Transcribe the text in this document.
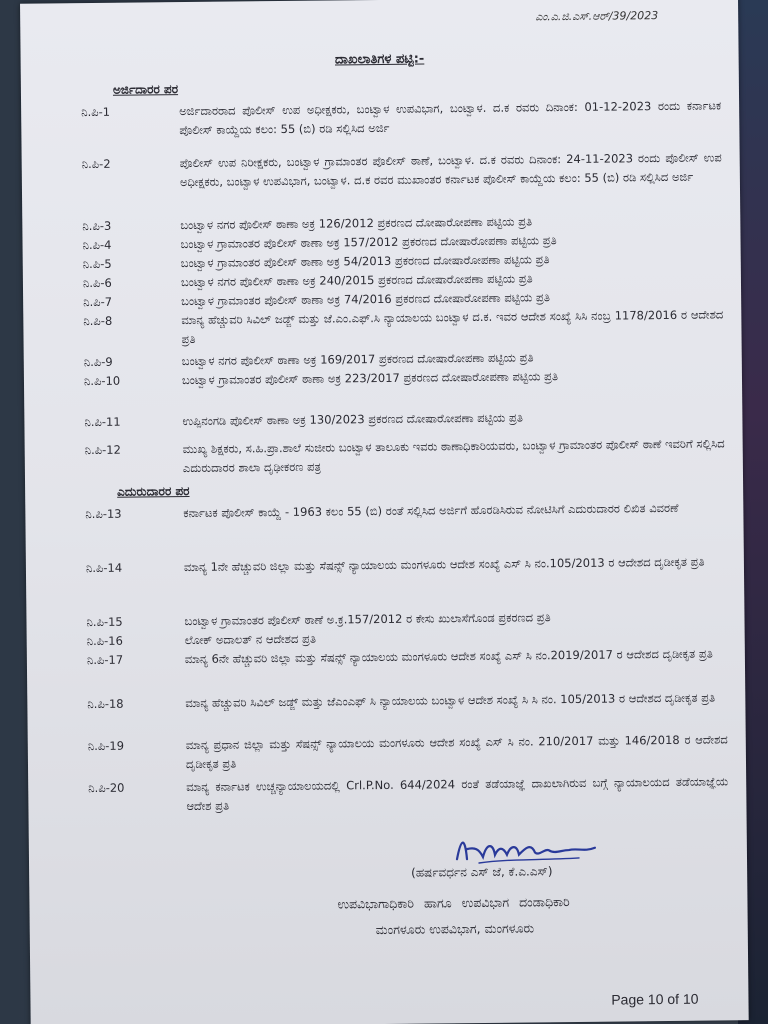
ಎಂ.ಎ.ಜಿ.ಎಸ್.ಆರ್/39/2023
ದಾಖಲಾತಿಗಳ ಪಟ್ಟಿ:-
ಅರ್ಜಿದಾರರ ಪರ
ನಿ.ಪಿ-1	ಅರ್ಜಿದಾರರಾದ ಪೊಲೀಸ್ ಉಪ ಅಧೀಕ್ಷಕರು, ಬಂಟ್ವಾಳ ಉಪವಿಭಾಗ, ಬಂಟ್ವಾಳ. ದ.ಕ ರವರು ದಿನಾಂಕ: 01-12-2023 ರಂದು ಕರ್ನಾಟಕ ಪೊಲೀಸ್ ಕಾಯ್ದೆಯ ಕಲಂ: 55 (ಬಿ) ರಡಿ ಸಲ್ಲಿಸಿದ ಅರ್ಜಿ
ನಿ.ಪಿ-2	ಪೊಲೀಸ್ ಉಪ ನಿರೀಕ್ಷಕರು, ಬಂಟ್ವಾಳ ಗ್ರಾಮಾಂತರ ಪೊಲೀಸ್ ಠಾಣೆ, ಬಂಟ್ವಾಳ. ದ.ಕ ರವರು ದಿನಾಂಕ: 24-11-2023 ರಂದು ಪೊಲೀಸ್ ಉಪ ಅಧೀಕ್ಷಕರು, ಬಂಟ್ವಾಳ ಉಪವಿಭಾಗ, ಬಂಟ್ವಾಳ. ದ.ಕ ರವರ ಮುಖಾಂತರ ಕರ್ನಾಟಕ ಪೊಲೀಸ್ ಕಾಯ್ದೆಯ ಕಲಂ: 55 (ಬಿ) ರಡಿ ಸಲ್ಲಿಸಿದ ಅರ್ಜಿ
ನಿ.ಪಿ-3	ಬಂಟ್ವಾಳ ನಗರ ಪೊಲೀಸ್ ಠಾಣಾ ಅಕ್ರ 126/2012 ಪ್ರಕರಣದ ದೋಷಾರೋಪಣಾ ಪಟ್ಟಿಯ ಪ್ರತಿ
ನಿ.ಪಿ-4	ಬಂಟ್ವಾಳ ಗ್ರಾಮಾಂತರ ಪೊಲೀಸ್ ಠಾಣಾ ಅಕ್ರ 157/2012 ಪ್ರಕರಣದ ದೋಷಾರೋಪಣಾ ಪಟ್ಟಿಯ ಪ್ರತಿ
ನಿ.ಪಿ-5	ಬಂಟ್ವಾಳ ಗ್ರಾಮಾಂತರ ಪೊಲೀಸ್ ಠಾಣಾ ಅಕ್ರ 54/2013 ಪ್ರಕರಣದ ದೋಷಾರೋಪಣಾ ಪಟ್ಟಿಯ ಪ್ರತಿ
ನಿ.ಪಿ-6	ಬಂಟ್ವಾಳ ನಗರ ಪೊಲೀಸ್ ಠಾಣಾ ಅಕ್ರ 240/2015 ಪ್ರಕರಣದ ದೋಷಾರೋಪಣಾ ಪಟ್ಟಿಯ ಪ್ರತಿ
ನಿ.ಪಿ-7	ಬಂಟ್ವಾಳ ಗ್ರಾಮಾಂತರ ಪೊಲೀಸ್ ಠಾಣಾ ಅಕ್ರ 74/2016 ಪ್ರಕರಣದ ದೋಷಾರೋಪಣಾ ಪಟ್ಟಿಯ ಪ್ರತಿ
ನಿ.ಪಿ-8	ಮಾನ್ಯ ಹೆಚ್ಚುವರಿ ಸಿವಿಲ್ ಜಡ್ಜ್ ಮತ್ತು ಜೆ.ಎಂ.ಎಫ್.ಸಿ ನ್ಯಾಯಾಲಯ ಬಂಟ್ವಾಳ ದ.ಕ. ಇವರ ಆದೇಶ ಸಂಖ್ಯೆ ಸಿಸಿ ನಂಬ್ರ 1178/2016 ರ ಆದೇಶದ ಪ್ರತಿ
ನಿ.ಪಿ-9	ಬಂಟ್ವಾಳ ನಗರ ಪೊಲೀಸ್ ಠಾಣಾ ಅಕ್ರ 169/2017 ಪ್ರಕರಣದ ದೋಷಾರೋಪಣಾ ಪಟ್ಟಿಯ ಪ್ರತಿ
ನಿ.ಪಿ-10	ಬಂಟ್ವಾಳ ಗ್ರಾಮಾಂತರ ಪೊಲೀಸ್ ಠಾಣಾ ಅಕ್ರ 223/2017 ಪ್ರಕರಣದ ದೋಷಾರೋಪಣಾ ಪಟ್ಟಿಯ ಪ್ರತಿ
ನಿ.ಪಿ-11	ಉಪ್ಪಿನಂಗಡಿ ಪೊಲೀಸ್ ಠಾಣಾ ಅಕ್ರ 130/2023 ಪ್ರಕರಣದ ದೋಷಾರೋಪಣಾ ಪಟ್ಟಿಯ ಪ್ರತಿ
ನಿ.ಪಿ-12	ಮುಖ್ಯ ಶಿಕ್ಷಕರು, ಸ.ಹಿ.ಪ್ರಾ.ಶಾಲೆ ಸುಜೀರು ಬಂಟ್ವಾಳ ತಾಲೂಕು ಇವರು ಠಾಣಾಧಿಕಾರಿಯವರು, ಬಂಟ್ವಾಳ ಗ್ರಾಮಾಂತರ ಪೊಲೀಸ್ ಠಾಣೆ ಇವರಿಗೆ ಸಲ್ಲಿಸಿದ ಎದುರುದಾರರ ಶಾಲಾ ದೃಢೀಕರಣ ಪತ್ರ
ಎದುರುದಾರರ ಪರ
ನಿ.ಪಿ-13	ಕರ್ನಾಟಕ ಪೊಲೀಸ್ ಕಾಯ್ದೆ - 1963 ಕಲಂ 55 (ಬಿ) ರಂತೆ ಸಲ್ಲಿಸಿದ ಅರ್ಜಿಗೆ ಹೊರಡಿಸಿರುವ ನೋಟಿಸಿಗೆ ಎದುರುದಾರರ ಲಿಖಿತ ವಿವರಣೆ
ನಿ.ಪಿ-14	ಮಾನ್ಯ 1ನೇ ಹೆಚ್ಚುವರಿ ಜಿಲ್ಲಾ ಮತ್ತು ಸೆಷನ್ಸ್ ನ್ಯಾಯಾಲಯ ಮಂಗಳೂರು ಆದೇಶ ಸಂಖ್ಯೆ ಎಸ್ ಸಿ ನಂ.105/2013 ರ ಆದೇಶದ ದೃಡೀಕೃತ ಪ್ರತಿ
ನಿ.ಪಿ-15	ಬಂಟ್ವಾಳ ಗ್ರಾಮಾಂತರ ಪೊಲೀಸ್ ಠಾಣೆ ಅ.ಕ್ರ.157/2012 ರ ಕೇಸು ಖುಲಾಸೆಗೊಂಡ ಪ್ರಕರಣದ ಪ್ರತಿ
ನಿ.ಪಿ-16	ಲೋಕ್ ಅದಾಲತ್ ನ ಆದೇಶದ ಪ್ರತಿ
ನಿ.ಪಿ-17	ಮಾನ್ಯ 6ನೇ ಹೆಚ್ಚುವರಿ ಜಿಲ್ಲಾ ಮತ್ತು ಸೆಷನ್ಸ್ ನ್ಯಾಯಾಲಯ ಮಂಗಳೂರು ಆದೇಶ ಸಂಖ್ಯೆ ಎಸ್ ಸಿ ನಂ.2019/2017 ರ ಆದೇಶದ ದೃಡೀಕೃತ ಪ್ರತಿ
ನಿ.ಪಿ-18	ಮಾನ್ಯ ಹೆಚ್ಚುವರಿ ಸಿವಿಲ್ ಜಡ್ಜ್ ಮತ್ತು ಜೆಎಂಎಫ್ ಸಿ ನ್ಯಾಯಾಲಯ ಬಂಟ್ವಾಳ ಆದೇಶ ಸಂಖ್ಯೆ ಸಿ ಸಿ ನಂ. 105/2013 ರ ಆದೇಶದ ದೃಡೀಕೃತ ಪ್ರತಿ
ನಿ.ಪಿ-19	ಮಾನ್ಯ ಪ್ರಧಾನ ಜಿಲ್ಲಾ ಮತ್ತು ಸೆಷನ್ಸ್ ನ್ಯಾಯಾಲಯ ಮಂಗಳೂರು ಆದೇಶ ಸಂಖ್ಯೆ ಎಸ್ ಸಿ ನಂ. 210/2017 ಮತ್ತು 146/2018 ರ ಆದೇಶದ ದೃಡೀಕೃತ ಪ್ರತಿ
ನಿ.ಪಿ-20	ಮಾನ್ಯ ಕರ್ನಾಟಕ ಉಚ್ಚನ್ಯಾಯಾಲಯದಲ್ಲಿ Crl.P.No. 644/2024 ರಂತೆ ತಡೆಯಾಜ್ಞೆ ದಾಖಲಾಗಿರುವ ಬಗ್ಗೆ ನ್ಯಾಯಾಲಯದ ತಡೆಯಾಜ್ಞೆಯ ಆದೇಶ ಪ್ರತಿ
(ಹರ್ಷವರ್ಧನ ಎಸ್ ಜೆ, ಕೆ.ಎ.ಎಸ್)
ಉಪವಿಭಾಗಾಧಿಕಾರಿ ಹಾಗೂ ಉಪವಿಭಾಗ ದಂಡಾಧಿಕಾರಿ
ಮಂಗಳೂರು ಉಪವಿಭಾಗ, ಮಂಗಳೂರು
Page 10 of 10
